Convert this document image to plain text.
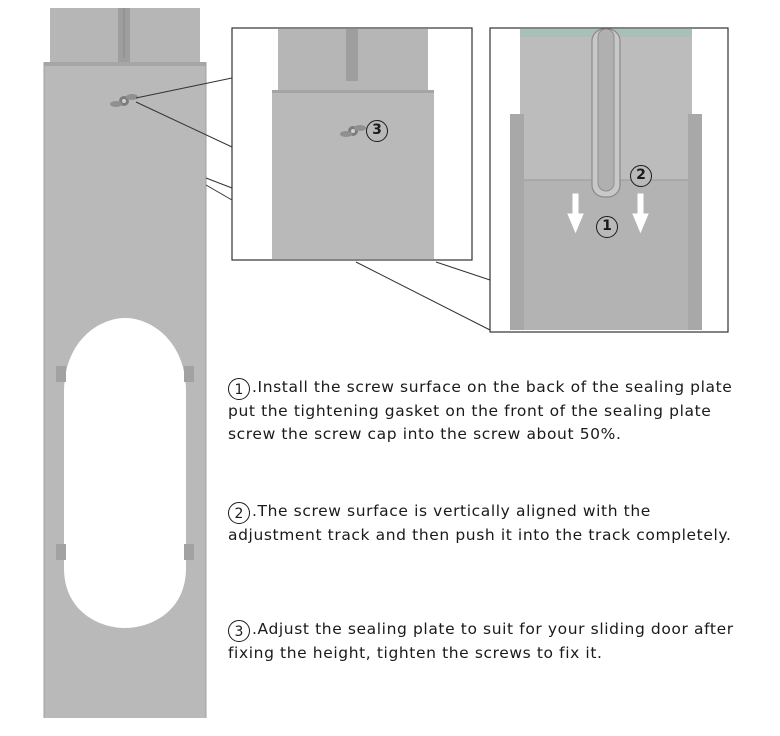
3
2
1
1 .Install the screw surface on the back of the sealing plate put the tightening gasket on the front of the sealing plate screw the screw cap into the screw about 50%.
2 .The screw surface is vertically aligned with the adjustment track and then push it into the track completely.
3 .Adjust the sealing plate to suit for your sliding door after fixing the height, tighten the screws to fix it.
